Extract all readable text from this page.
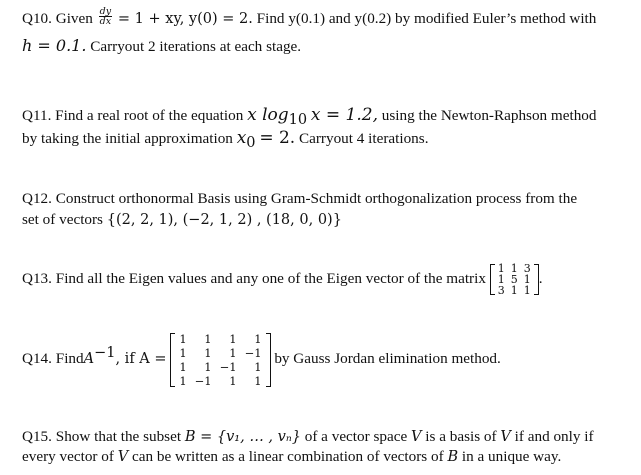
Q10. Given $\frac{dy}{dx} = 1$ + xy, y(0) = 2. Find y(0.1) and y(0.2) by modified Euler’s method with
h = 0.1. Carryout 2 iterations at each stage.
Q11. Find a real root of the equation x $\log_{10} x = 1.2$, using the Newton-Raphson method
by taking the initial approximation $x_0 = 2$. Carryout 4 iterations.
Q12. Construct orthonormal Basis using Gram-Schmidt orthogonalization process from the
set of vectors {(2, 2, 1), (−2, 1, 2) , (18, 0, 0)}
Q13. Find all the Eigen values and any one of the Eigen vector of the matrix
1	1	3
1	5	1
3	1	1
.
Q14. FindA$^{-1}$, if A =
1	1	1	1
1	1	1	−1
1	1	−1	1
1	−1	1	1
by Gauss Jordan elimination method.
Q15. Show that the subset B = {v₁, … , vₙ} of a vector space V is a basis of V if and only if
every vector of V can be written as a linear combination of vectors of B in a unique way.
